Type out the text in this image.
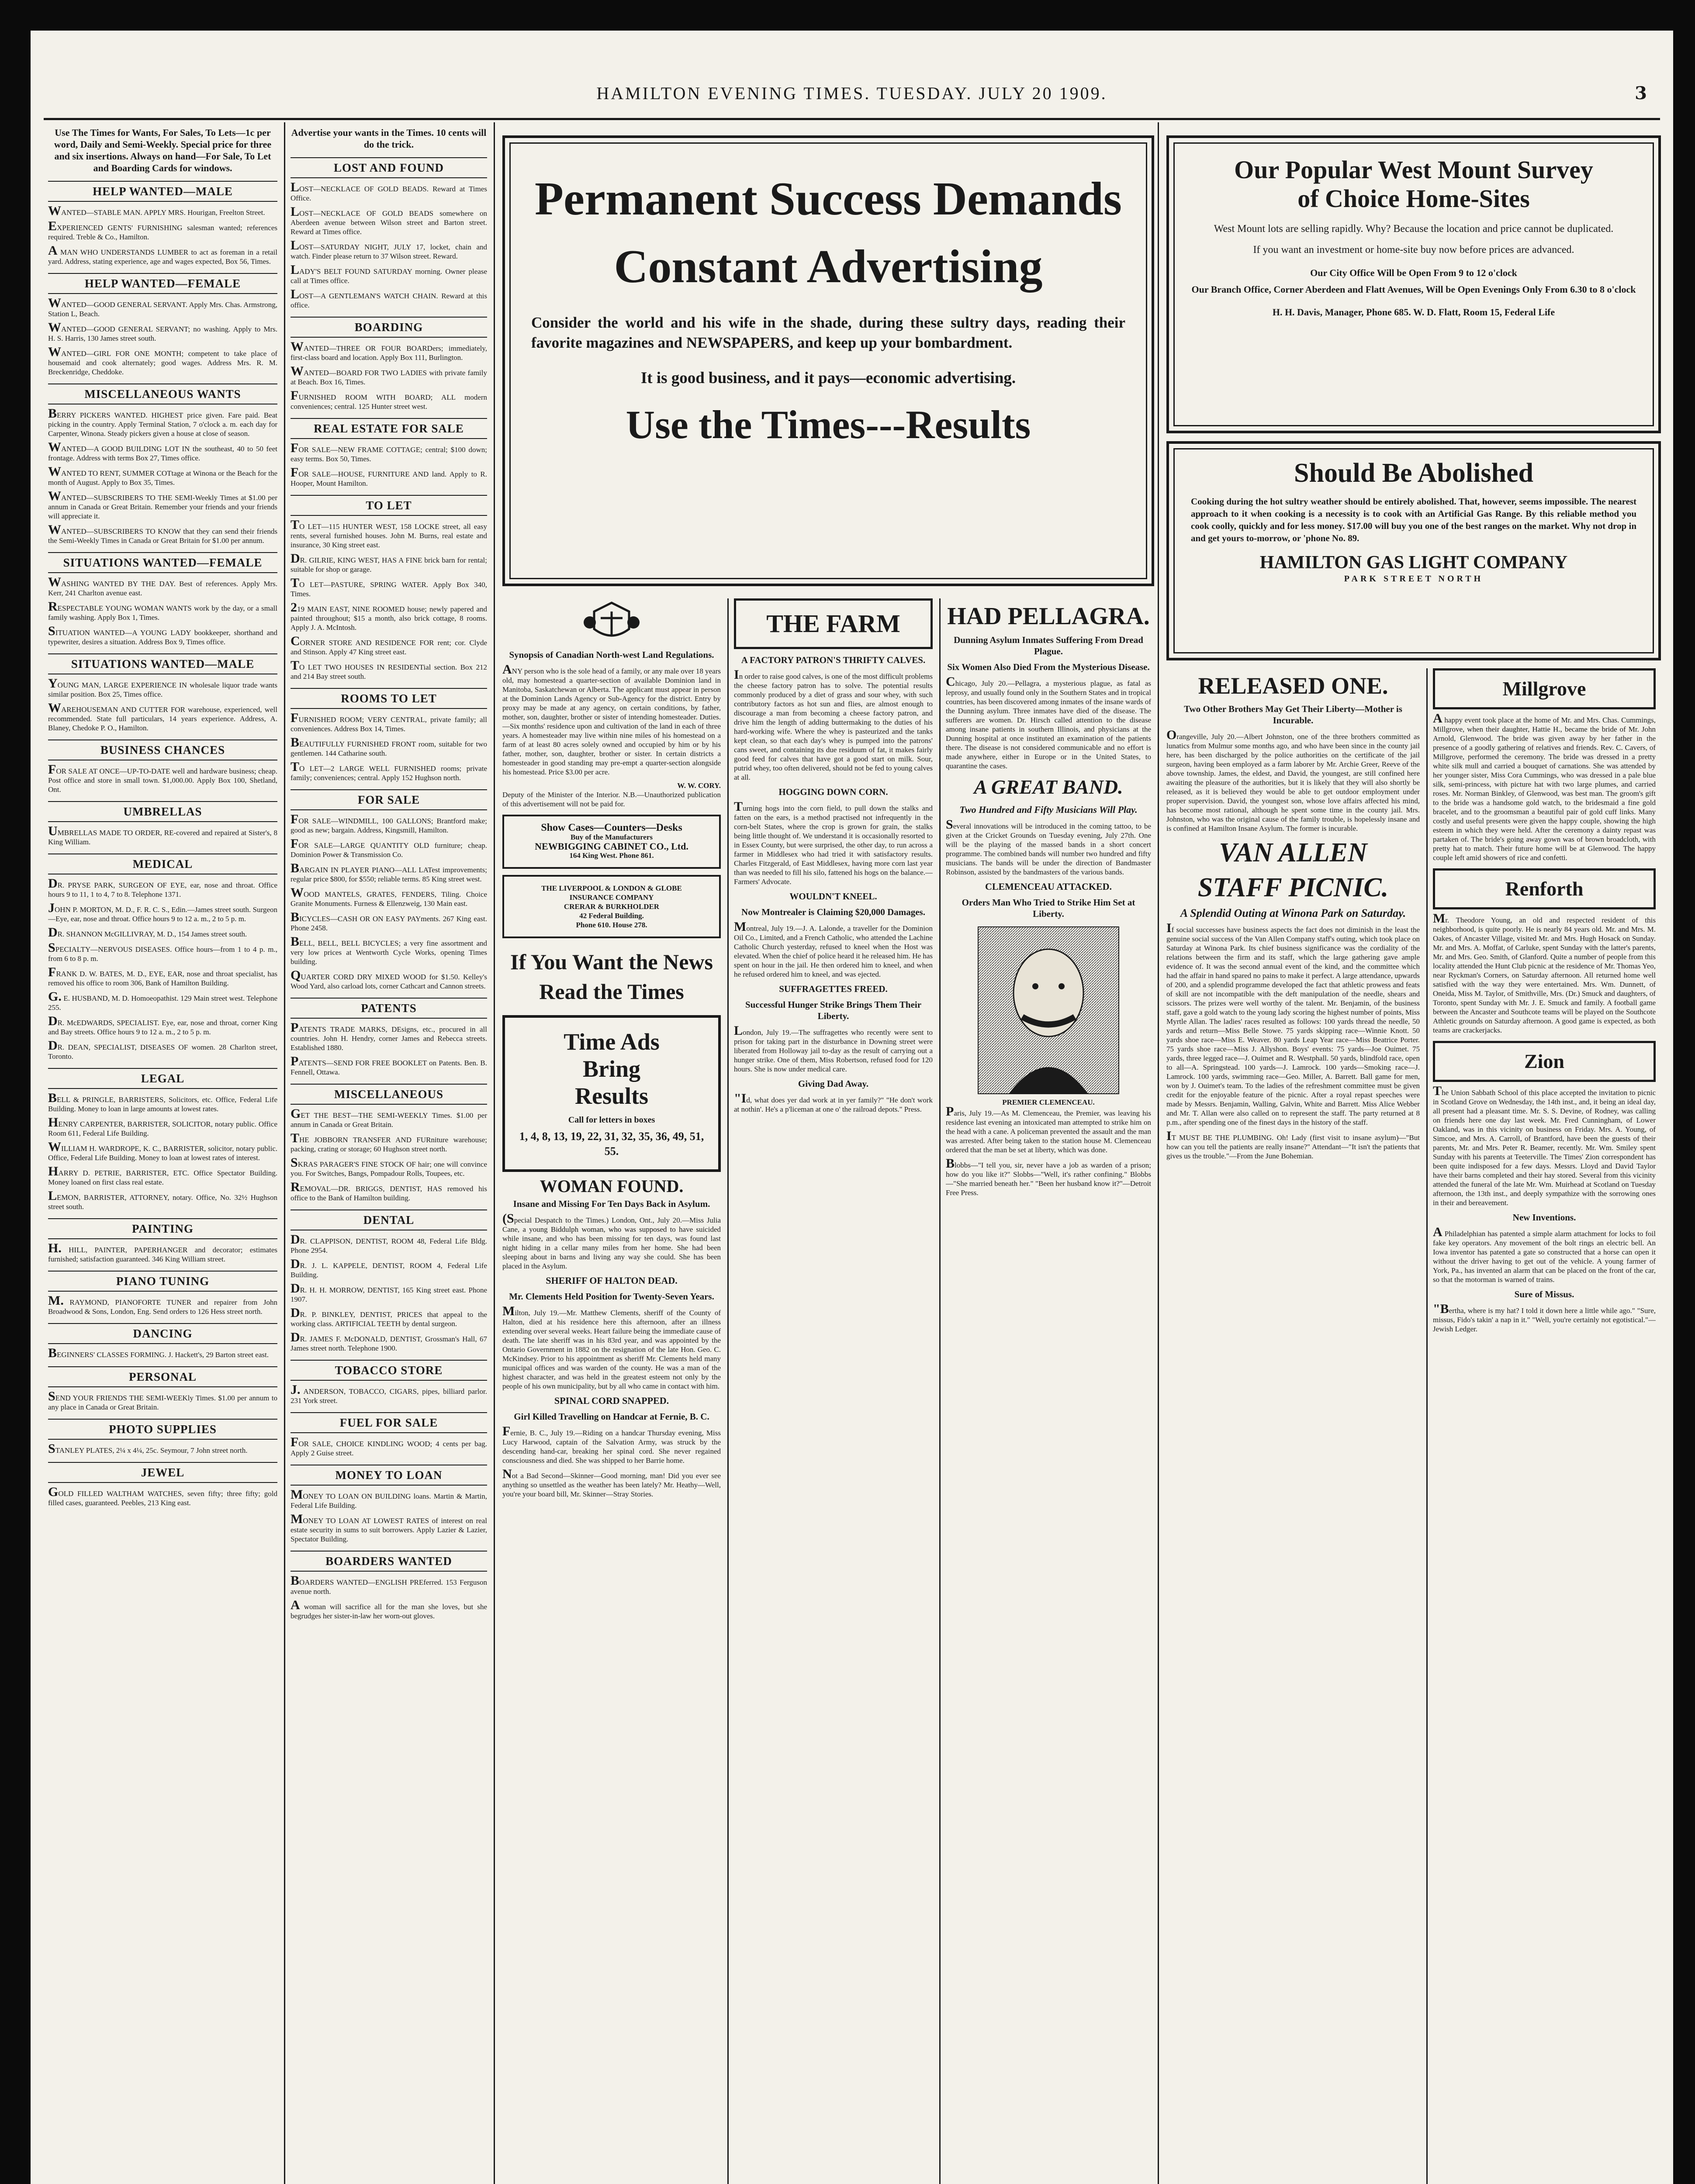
HAMILTON EVENING TIMES. TUESDAY. JULY 20 1909.	3
Use The Times for Wants, For Sales, To Lets—1c per word, Daily and Semi-Weekly. Special price for three and six insertions. Always on hand—For Sale, To Let and Boarding Cards for windows.
HELP WANTED—MALE
WANTED—STABLE MAN. APPLY MRS. Hourigan, Freelton Street.
EXPERIENCED GENTS' FURNISHING salesman wanted; references required. Treble & Co., Hamilton.
A MAN WHO UNDERSTANDS LUMBER to act as foreman in a retail yard. Address, stating experience, age and wages expected, Box 56, Times.
HELP WANTED—FEMALE
WANTED—GOOD GENERAL SERVANT. Apply Mrs. Chas. Armstrong, Station L, Beach.
WANTED—GOOD GENERAL SERVANT; no washing. Apply to Mrs. H. S. Harris, 130 James street south.
WANTED—GIRL FOR ONE MONTH; competent to take place of housemaid and cook alternately; good wages. Address Mrs. R. M. Breckenridge, Cheddoke.
MISCELLANEOUS WANTS
BERRY PICKERS WANTED. HIGHEST price given. Fare paid. Beat picking in the country. Apply Terminal Station, 7 o'clock a. m. each day for Carpenter, Winona. Steady pickers given a house at close of season.
WANTED—A GOOD BUILDING LOT IN the southeast, 40 to 50 feet frontage. Address with terms Box 27, Times office.
WANTED TO RENT, SUMMER COTtage at Winona or the Beach for the month of August. Apply to Box 35, Times.
WANTED—SUBSCRIBERS TO THE SEMI-Weekly Times at $1.00 per annum in Canada or Great Britain. Remember your friends and your friends will appreciate it.
WANTED—SUBSCRIBERS TO KNOW that they can send their friends the Semi-Weekly Times in Canada or Great Britain for $1.00 per annum.
SITUATIONS WANTED—FEMALE
WASHING WANTED BY THE DAY. Best of references. Apply Mrs. Kerr, 241 Charlton avenue east.
RESPECTABLE YOUNG WOMAN WANTS work by the day, or a small family washing. Apply Box 1, Times.
SITUATION WANTED—A YOUNG LADY bookkeeper, shorthand and typewriter, desires a situation. Address Box 9, Times office.
SITUATIONS WANTED—MALE
YOUNG MAN, LARGE EXPERIENCE IN wholesale liquor trade wants similar position. Box 25, Times office.
WAREHOUSEMAN AND CUTTER FOR warehouse, experienced, well recommended. State full particulars, 14 years experience. Address, A. Blaney, Chedoke P. O., Hamilton.
BUSINESS CHANCES
FOR SALE AT ONCE—UP-TO-DATE well and hardware business; cheap. Post office and store in small town. $1,000.00. Apply Box 100, Shetland, Ont.
UMBRELLAS
UMBRELLAS MADE TO ORDER, RE-covered and repaired at Sister's, 8 King William.
MEDICAL
DR. PRYSE PARK, SURGEON OF EYE, ear, nose and throat. Office hours 9 to 11, 1 to 4, 7 to 8. Telephone 1371.
JOHN P. MORTON, M. D., F. R. C. S., Edin.—James street south. Surgeon—Eye, ear, nose and throat. Office hours 9 to 12 a. m., 2 to 5 p. m.
DR. SHANNON McGILLIVRAY, M. D., 154 James street south.
SPECIALTY—NERVOUS DISEASES. Office hours—from 1 to 4 p. m., from 6 to 8 p. m.
FRANK D. W. BATES, M. D., EYE, EAR, nose and throat specialist, has removed his office to room 306, Bank of Hamilton Building.
G. E. HUSBAND, M. D. Homoeopathist. 129 Main street west. Telephone 255.
DR. McEDWARDS, SPECIALIST. Eye, ear, nose and throat, corner King and Bay streets. Office hours 9 to 12 a. m., 2 to 5 p. m.
DR. DEAN, SPECIALIST, DISEASES OF women. 28 Charlton street, Toronto.
LEGAL
BELL & PRINGLE, BARRISTERS, Solicitors, etc. Office, Federal Life Building. Money to loan in large amounts at lowest rates.
HENRY CARPENTER, BARRISTER, SOLICITOR, notary public. Office Room 611, Federal Life Building.
WILLIAM H. WARDROPE, K. C., BARRISTER, solicitor, notary public. Office, Federal Life Building. Money to loan at lowest rates of interest.
HARRY D. PETRIE, BARRISTER, ETC. Office Spectator Building. Money loaned on first class real estate.
LEMON, BARRISTER, ATTORNEY, notary. Office, No. 32½ Hughson street south.
PAINTING
H. HILL, PAINTER, PAPERHANGER and decorator; estimates furnished; satisfaction guaranteed. 346 King William street.
PIANO TUNING
M. RAYMOND, PIANOFORTE TUNER and repairer from John Broadwood & Sons, London, Eng. Send orders to 126 Hess street north.
DANCING
BEGINNERS' CLASSES FORMING. J. Hackett's, 29 Barton street east.
PERSONAL
SEND YOUR FRIENDS THE SEMI-WEEKly Times. $1.00 per annum to any place in Canada or Great Britain.
PHOTO SUPPLIES
STANLEY PLATES, 2¼ x 4¼, 25c. Seymour, 7 John street north.
JEWEL
GOLD FILLED WALTHAM WATCHES, seven fifty; three fifty; gold filled cases, guaranteed. Peebles, 213 King east.
Advertise your wants in the Times. 10 cents will do the trick.
LOST AND FOUND
LOST—NECKLACE OF GOLD BEADS. Reward at Times Office.
LOST—NECKLACE OF GOLD BEADS somewhere on Aberdeen avenue between Wilson street and Barton street. Reward at Times office.
LOST—SATURDAY NIGHT, JULY 17, locket, chain and watch. Finder please return to 37 Wilson street. Reward.
LADY'S BELT FOUND SATURDAY morning. Owner please call at Times office.
LOST—A GENTLEMAN'S WATCH CHAIN. Reward at this office.
BOARDING
WANTED—THREE OR FOUR BOARDers; immediately, first-class board and location. Apply Box 111, Burlington.
WANTED—BOARD FOR TWO LADIES with private family at Beach. Box 16, Times.
FURNISHED ROOM WITH BOARD; ALL modern conveniences; central. 125 Hunter street west.
REAL ESTATE FOR SALE
FOR SALE—NEW FRAME COTTAGE; central; $100 down; easy terms. Box 50, Times.
FOR SALE—HOUSE, FURNITURE AND land. Apply to R. Hooper, Mount Hamilton.
TO LET
TO LET—115 HUNTER WEST, 158 LOCKE street, all easy rents, several furnished houses. John M. Burns, real estate and insurance, 30 King street east.
DR. GILRIE, KING WEST, HAS A FINE brick barn for rental; suitable for shop or garage.
TO LET—PASTURE, SPRING WATER. Apply Box 340, Times.
219 MAIN EAST, NINE ROOMED house; newly papered and painted throughout; $15 a month, also brick cottage, 8 rooms. Apply J. A. McIntosh.
CORNER STORE AND RESIDENCE FOR rent; cor. Clyde and Stinson. Apply 47 King street east.
TO LET TWO HOUSES IN RESIDENTial section. Box 212 and 214 Bay street south.
ROOMS TO LET
FURNISHED ROOM; VERY CENTRAL, private family; all conveniences. Address Box 14, Times.
BEAUTIFULLY FURNISHED FRONT room, suitable for two gentlemen. 144 Catharine south.
TO LET—2 LARGE WELL FURNISHED rooms; private family; conveniences; central. Apply 152 Hughson north.
FOR SALE
FOR SALE—WINDMILL, 100 GALLONS; Brantford make; good as new; bargain. Address, Kingsmill, Hamilton.
FOR SALE—LARGE QUANTITY OLD furniture; cheap. Dominion Power & Transmission Co.
BARGAIN IN PLAYER PIANO—ALL LATest improvements; regular price $800, for $550; reliable terms. 85 King street west.
WOOD MANTELS, GRATES, FENDERS, Tiling. Choice Granite Monuments. Furness & Ellenzweig, 130 Main east.
BICYCLES—CASH OR ON EASY PAYments. 267 King east. Phone 2458.
BELL, BELL, BELL BICYCLES; a very fine assortment and very low prices at Wentworth Cycle Works, opening Times building.
QUARTER CORD DRY MIXED WOOD for $1.50. Kelley's Wood Yard, also carload lots, corner Cathcart and Cannon streets.
PATENTS
PATENTS TRADE MARKS, DEsigns, etc., procured in all countries. John H. Hendry, corner James and Rebecca streets. Established 1880.
PATENTS—SEND FOR FREE BOOKLET on Patents. Ben. B. Fennell, Ottawa.
MISCELLANEOUS
GET THE BEST—THE SEMI-WEEKLY Times. $1.00 per annum in Canada or Great Britain.
THE JOBBORN TRANSFER AND FURniture warehouse; packing, crating or storage; 60 Hughson street north.
SKRAS PARAGER'S FINE STOCK OF hair; one will convince you. For Switches, Bangs, Pompadour Rolls, Toupees, etc.
REMOVAL—DR. BRIGGS, DENTIST, HAS removed his office to the Bank of Hamilton building.
DENTAL
DR. CLAPPISON, DENTIST, ROOM 48, Federal Life Bldg. Phone 2954.
DR. J. L. KAPPELE, DENTIST, ROOM 4, Federal Life Building.
DR. H. H. MORROW, DENTIST, 165 King street east. Phone 1907.
DR. P. BINKLEY, DENTIST, PRICES that appeal to the working class. ARTIFICIAL TEETH by dental surgeon.
DR. JAMES F. McDONALD, DENTIST, Grossman's Hall, 67 James street north. Telephone 1900.
TOBACCO STORE
J. ANDERSON, TOBACCO, CIGARS, pipes, billiard parlor. 231 York street.
FUEL FOR SALE
FOR SALE, CHOICE KINDLING WOOD; 4 cents per bag. Apply 2 Guise street.
MONEY TO LOAN
MONEY TO LOAN ON BUILDING loans. Martin & Martin, Federal Life Building.
MONEY TO LOAN AT LOWEST RATES of interest on real estate security in sums to suit borrowers. Apply Lazier & Lazier, Spectator Building.
BOARDERS WANTED
BOARDERS WANTED—ENGLISH PREferred. 153 Ferguson avenue north.
A woman will sacrifice all for the man she loves, but she begrudges her sister-in-law her worn-out gloves.
Permanent Success Demands
Constant Advertising
Consider the world and his wife in the shade, during these sultry days, reading their favorite magazines and NEWSPAPERS, and keep up your bombardment.
It is good business, and it pays—economic advertising.
Use the Times---Results
Synopsis of Canadian North-west Land Regulations.
ANY person who is the sole head of a family, or any male over 18 years old, may homestead a quarter-section of available Dominion land in Manitoba, Saskatchewan or Alberta. The applicant must appear in person at the Dominion Lands Agency or Sub-Agency for the district. Entry by proxy may be made at any agency, on certain conditions, by father, mother, son, daughter, brother or sister of intending homesteader. Duties.—Six months' residence upon and cultivation of the land in each of three years. A homesteader may live within nine miles of his homestead on a farm of at least 80 acres solely owned and occupied by him or by his father, mother, son, daughter, brother or sister. In certain districts a homesteader in good standing may pre-empt a quarter-section alongside his homestead. Price $3.00 per acre.
W. W. CORY.
Deputy of the Minister of the Interior. N.B.—Unauthorized publication of this advertisement will not be paid for.
Show Cases—Counters—Desks
Buy of the Manufacturers
NEWBIGGING CABINET CO., Ltd.
164 King West. Phone 861.
THE LIVERPOOL & LONDON & GLOBE
INSURANCE COMPANY
CRERAR & BURKHOLDER
42 Federal Building.
Phone 610. House 278.
If You Want the News Read the Times
Time Ads
Bring
Results
Call for letters in boxes
1, 4, 8, 13, 19, 22, 31, 32, 35, 36, 49, 51, 55.
WOMAN FOUND.
Insane and Missing For Ten Days Back in Asylum.
(Special Despatch to the Times.) London, Ont., July 20.—Miss Julia Cane, a young Biddulph woman, who was supposed to have suicided while insane, and who has been missing for ten days, was found last night hiding in a cellar many miles from her home. She had been sleeping about in barns and living any way she could. She has been placed in the Asylum.
SHERIFF OF HALTON DEAD.
Mr. Clements Held Position for Twenty-Seven Years.
Milton, July 19.—Mr. Matthew Clements, sheriff of the County of Halton, died at his residence here this afternoon, after an illness extending over several weeks. Heart failure being the immediate cause of death. The late sheriff was in his 83rd year, and was appointed by the Ontario Government in 1882 on the resignation of the late Hon. Geo. C. McKindsey. Prior to his appointment as sheriff Mr. Clements held many municipal offices and was warden of the county. He was a man of the highest character, and was held in the greatest esteem not only by the people of his own municipality, but by all who came in contact with him.
SPINAL CORD SNAPPED.
Girl Killed Travelling on Handcar at Fernie, B. C.
Fernie, B. C., July 19.—Riding on a handcar Thursday evening, Miss Lucy Harwood, captain of the Salvation Army, was struck by the descending hand-car, breaking her spinal cord. She never regained consciousness and died. She was shipped to her Barrie home.
Not a Bad Second—Skinner—Good morning, man! Did you ever see anything so unsettled as the weather has been lately? Mr. Heathy—Well, you're your board bill, Mr. Skinner—Stray Stories.
THE FARM
A FACTORY PATRON'S THRIFTY CALVES.
In order to raise good calves, is one of the most difficult problems the cheese factory patron has to solve. The potential results commonly produced by a diet of grass and sour whey, with such contributory factors as hot sun and flies, are almost enough to discourage a man from becoming a cheese factory patron, and drive him the length of adding buttermaking to the duties of his hard-working wife. Where the whey is pasteurized and the tanks kept clean, so that each day's whey is pumped into the patrons' cans sweet, and containing its due residuum of fat, it makes fairly good feed for calves that have got a good start on milk. Sour, putrid whey, too often delivered, should not be fed to young calves at all.
HOGGING DOWN CORN.
Turning hogs into the corn field, to pull down the stalks and fatten on the ears, is a method practised not infrequently in the corn-belt States, where the crop is grown for grain, the stalks being little thought of. We understand it is occasionally resorted to in Essex County, but were surprised, the other day, to run across a farmer in Middlesex who had tried it with satisfactory results. Charles Fitzgerald, of East Middlesex, having more corn last year than was needed to fill his silo, fattened his hogs on the balance.—Farmers' Advocate.
WOULDN'T KNEEL.
Now Montrealer is Claiming $20,000 Damages.
Montreal, July 19.—J. A. Lalonde, a traveller for the Dominion Oil Co., Limited, and a French Catholic, who attended the Lachine Catholic Church yesterday, refused to kneel when the Host was elevated. When the chief of police heard it he released him. He has spent on hour in the jail. He then ordered him to kneel, and when he refused ordered him to kneel, and was ejected.
SUFFRAGETTES FREED.
Successful Hunger Strike Brings Them Their Liberty.
London, July 19.—The suffragettes who recently were sent to prison for taking part in the disturbance in Downing street were liberated from Holloway jail to-day as the result of carrying out a hunger strike. One of them, Miss Robertson, refused food for 120 hours. She is now under medical care.
Giving Dad Away.
"Id, what does yer dad work at in yer family?" "He don't work at nothin'. He's a p'liceman at one o' the railroad depots." Press.
HAD PELLAGRA.
Dunning Asylum Inmates Suffering From Dread Plague.
Six Women Also Died From the Mysterious Disease.
Chicago, July 20.—Pellagra, a mysterious plague, as fatal as leprosy, and usually found only in the Southern States and in tropical countries, has been discovered among inmates of the insane wards of the Dunning asylum. Three inmates have died of the disease. The sufferers are women. Dr. Hirsch called attention to the disease among insane patients in southern Illinois, and physicians at the Dunning hospital at once instituted an examination of the patients there. The disease is not considered communicable and no effort is made anywhere, either in Europe or in the United States, to quarantine the cases.
A GREAT BAND.
Two Hundred and Fifty Musicians Will Play.
Several innovations will be introduced in the coming tattoo, to be given at the Cricket Grounds on Tuesday evening, July 27th. One will be the playing of the massed bands in a short concert programme. The combined bands will number two hundred and fifty musicians. The bands will be under the direction of Bandmaster Robinson, assisted by the bandmasters of the various bands.
CLEMENCEAU ATTACKED.
Orders Man Who Tried to Strike Him Set at Liberty.
PREMIER CLEMENCEAU.
Paris, July 19.—As M. Clemenceau, the Premier, was leaving his residence last evening an intoxicated man attempted to strike him on the head with a cane. A policeman prevented the assault and the man was arrested. After being taken to the station house M. Clemenceau ordered that the man be set at liberty, which was done.
Blobbs—"I tell you, sir, never have a job as warden of a prison; how do you like it?" Slobbs—"Well, it's rather confining." Blobbs—"She married beneath her." "Been her husband know it?"—Detroit Free Press.
Our Popular West Mount Survey
of Choice Home-Sites
West Mount lots are selling rapidly. Why? Because the location and price cannot be duplicated.
If you want an investment or home-site buy now before prices are advanced.
Our City Office Will be Open From 9 to 12 o'clock
Our Branch Office, Corner Aberdeen and Flatt Avenues, Will be Open Evenings Only From 6.30 to 8 o'clock
H. H. Davis, Manager, Phone 685. W. D. Flatt, Room 15, Federal Life
Should Be Abolished
Cooking during the hot sultry weather should be entirely abolished. That, however, seems impossible. The nearest approach to it when cooking is a necessity is to cook with an Artificial Gas Range. By this reliable method you cook coolly, quickly and for less money. $17.00 will buy you one of the best ranges on the market. Why not drop in and get yours to-morrow, or 'phone No. 89.
HAMILTON GAS LIGHT COMPANY
PARK STREET NORTH
RELEASED ONE.
Two Other Brothers May Get Their Liberty—Mother is Incurable.
Orangeville, July 20.—Albert Johnston, one of the three brothers committed as lunatics from Mulmur some months ago, and who have been since in the county jail here, has been discharged by the police authorities on the certificate of the jail surgeon, having been employed as a farm laborer by Mr. Archie Greer, Reeve of the above township. James, the eldest, and David, the youngest, are still confined here awaiting the pleasure of the authorities, but it is likely that they will also shortly be released, as it is believed they would be able to get outdoor employment under proper supervision. David, the youngest son, whose love affairs affected his mind, has become most rational, although he spent some time in the county jail. Mrs. Johnston, who was the original cause of the family trouble, is hopelessly insane and is confined at Hamilton Insane Asylum. The former is incurable.
VAN ALLEN
STAFF PICNIC.
A Splendid Outing at Winona Park on Saturday.
If social successes have business aspects the fact does not diminish in the least the genuine social success of the Van Allen Company staff's outing, which took place on Saturday at Winona Park. Its chief business significance was the cordiality of the relations between the firm and its staff, which the large gathering gave ample evidence of. It was the second annual event of the kind, and the committee which had the affair in hand spared no pains to make it perfect. A large attendance, upwards of 200, and a splendid programme developed the fact that athletic prowess and feats of skill are not incompatible with the deft manipulation of the needle, shears and scissors. The prizes were well worthy of the talent. Mr. Benjamin, of the business staff, gave a gold watch to the young lady scoring the highest number of points, Miss Myrtle Allan. The ladies' races resulted as follows: 100 yards thread the needle, 50 yards and return—Miss Belle Stowe. 75 yards skipping race—Winnie Knott. 50 yards shoe race—Miss E. Weaver. 80 yards Leap Year race—Miss Beatrice Porter. 75 yards shoe race—Miss J. Allyshon. Boys' events: 75 yards—Joe Ouimet. 75 yards, three legged race—J. Ouimet and R. Westphall. 50 yards, blindfold race, open to all—A. Springstead. 100 yards—J. Lamrock. 100 yards—Smoking race—J. Lamrock. 100 yards, swimming race—Geo. Miller, A. Barrett. Ball game for men, won by J. Ouimet's team. To the ladies of the refreshment committee must be given credit for the enjoyable feature of the picnic. After a royal repast speeches were made by Messrs. Benjamin, Walling, Galvin, White and Barrett. Miss Alice Webber and Mr. T. Allan were also called on to represent the staff. The party returned at 8 p.m., after spending one of the finest days in the history of the staff.
IT MUST BE THE PLUMBING. Oh! Lady (first visit to insane asylum)—"But how can you tell the patients are really insane?" Attendant—"It isn't the patients that gives us the trouble."—From the June Bohemian.
Millgrove
A happy event took place at the home of Mr. and Mrs. Chas. Cummings, Millgrove, when their daughter, Hattie H., became the bride of Mr. John Arnold, Glenwood. The bride was given away by her father in the presence of a goodly gathering of relatives and friends. Rev. C. Cavers, of Millgrove, performed the ceremony. The bride was dressed in a pretty white silk mull and carried a bouquet of carnations. She was attended by her younger sister, Miss Cora Cummings, who was dressed in a pale blue silk, semi-princess, with picture hat with two large plumes, and carried roses. Mr. Norman Binkley, of Glenwood, was best man. The groom's gift to the bride was a handsome gold watch, to the bridesmaid a fine gold bracelet, and to the groomsman a beautiful pair of gold cuff links. Many costly and useful presents were given the happy couple, showing the high esteem in which they were held. After the ceremony a dainty repast was partaken of. The bride's going away gown was of brown broadcloth, with pretty hat to match. Their future home will be at Glenwood. The happy couple left amid showers of rice and confetti.
Renforth
Mr. Theodore Young, an old and respected resident of this neighborhood, is quite poorly. He is nearly 84 years old. Mr. and Mrs. M. Oakes, of Ancaster Village, visited Mr. and Mrs. Hugh Hosack on Sunday. Mr. and Mrs. A. Moffat, of Carluke, spent Sunday with the latter's parents, Mr. and Mrs. Geo. Smith, of Glanford. Quite a number of people from this locality attended the Hunt Club picnic at the residence of Mr. Thomas Yeo, near Ryckman's Corners, on Saturday afternoon. All returned home well satisfied with the way they were entertained. Mrs. Wm. Dunnett, of Oneida, Miss M. Taylor, of Smithville, Mrs. (Dr.) Smuck and daughters, of Toronto, spent Sunday with Mr. J. E. Smuck and family. A football game between the Ancaster and Southcote teams will be played on the Southcote Athletic grounds on Saturday afternoon. A good game is expected, as both teams are crackerjacks.
Zion
The Union Sabbath School of this place accepted the invitation to picnic in Scotland Grove on Wednesday, the 14th inst., and, it being an ideal day, all present had a pleasant time. Mr. S. S. Devine, of Rodney, was calling on friends here one day last week. Mr. Fred Cunningham, of Lower Oakland, was in this vicinity on business on Friday. Mrs. A. Young, of Simcoe, and Mrs. A. Carroll, of Brantford, have been the guests of their parents, Mr. and Mrs. Peter R. Beamer, recently. Mr. Wm. Smiley spent Sunday with his parents at Teeterville. The Times' Zion correspondent has been quite indisposed for a few days. Messrs. Lloyd and David Taylor have their barns completed and their hay stored. Several from this vicinity attended the funeral of the late Mr. Wm. Muirhead at Scotland on Tuesday afternoon, the 13th inst., and deeply sympathize with the sorrowing ones in their and bereavement.
New Inventions.
A Philadelphian has patented a simple alarm attachment for locks to foil fake key operators. Any movement of the bolt rings an electric bell. An Iowa inventor has patented a gate so constructed that a horse can open it without the driver having to get out of the vehicle. A young farmer of York, Pa., has invented an alarm that can be placed on the front of the car, so that the motorman is warned of trains.
Sure of Missus.
"Bertha, where is my hat? I told it down here a little while ago." "Sure, missus, Fido's takin' a nap in it." "Well, you're certainly not egotistical."—Jewish Ledger.
